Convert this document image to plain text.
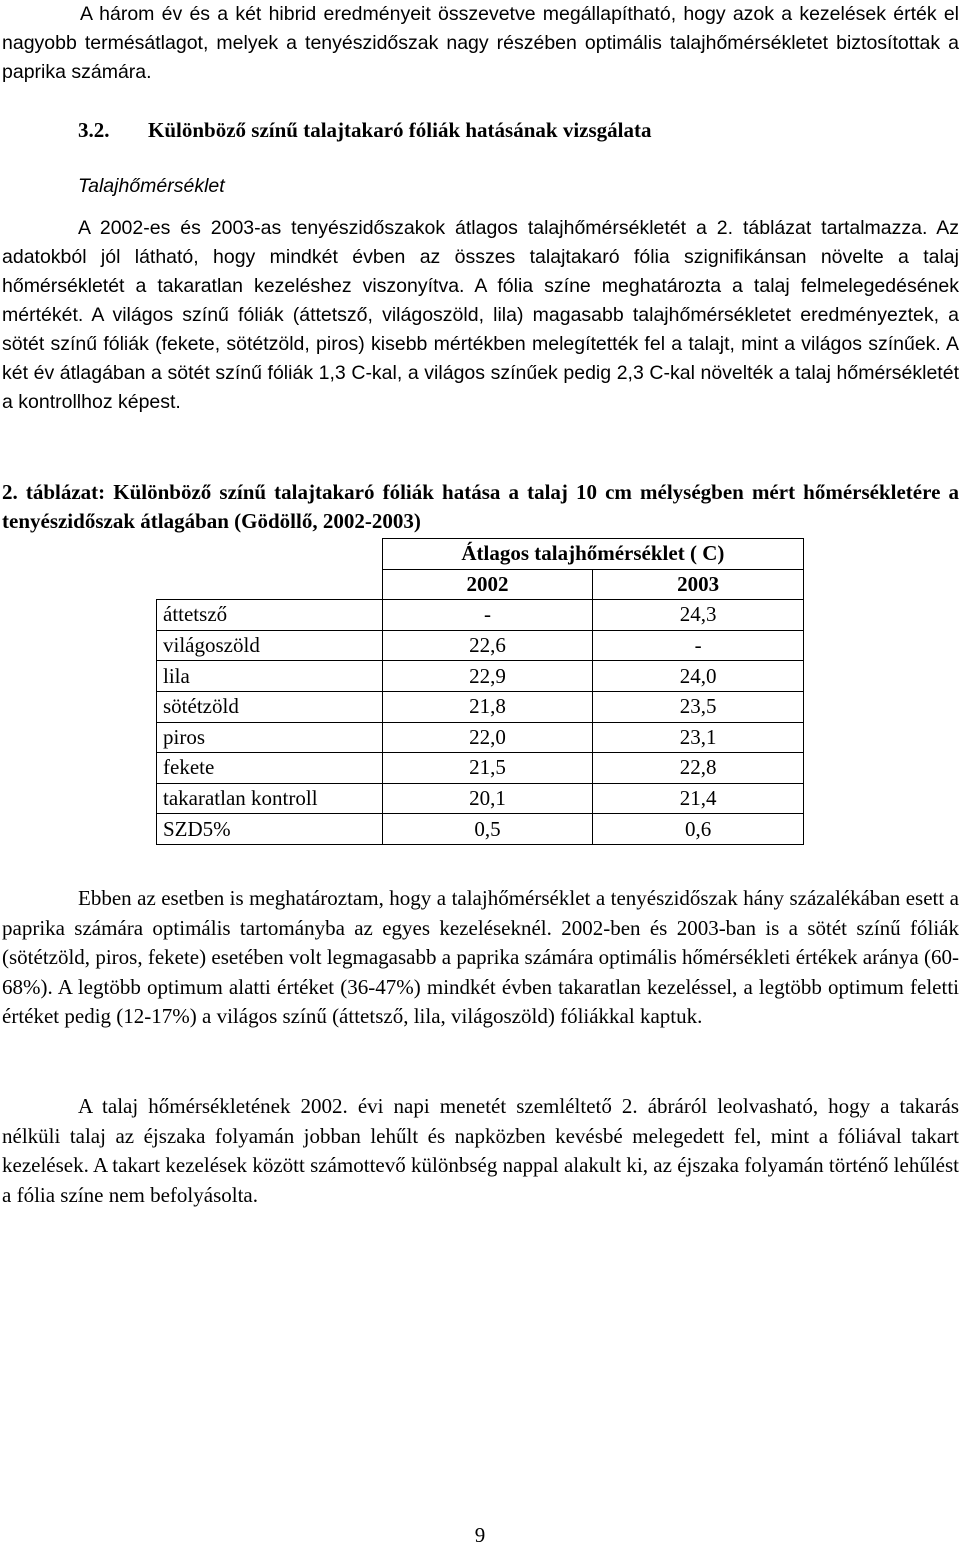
A három év és a két hibrid eredményeit összevetve megállapítható, hogy azok a kezelések érték el nagyobb termésátlagot, melyek a tenyészidőszak nagy részében optimális talajhőmérsékletet biztosítottak a paprika számára.

3.2. Különböző színű talajtakaró fóliák hatásának vizsgálata

Talajhőmérséklet

A 2002-es és 2003-as tenyészidőszakok átlagos talajhőmérsékletét a 2. táblázat tartalmazza. Az adatokból jól látható, hogy mindkét évben az összes talajtakaró fólia szignifikánsan növelte a talaj hőmérsékletét a takaratlan kezeléshez viszonyítva. A fólia színe meghatározta a talaj felmelegedésének mértékét. A világos színű fóliák (áttetsző, világoszöld, lila) magasabb talajhőmérsékletet eredményeztek, a sötét színű fóliák (fekete, sötétzöld, piros) kisebb mértékben melegítették fel a talajt, mint a világos színűek. A két év átlagában a sötét színű fóliák 1,3 C-kal, a világos színűek pedig 2,3 C-kal növelték a talaj hőmérsékletét a kontrollhoz képest.

2. táblázat: Különböző színű talajtakaró fóliák hatása a talaj 10 cm mélységben mért hőmérsékletére a tenyészidőszak átlagában (Gödöllő, 2002-2003)

	Átlagos talajhőmérséklet ( C)	
	2002	2003
áttetsző	-	24,3
világoszöld	22,6	-
lila	22,9	24,0
sötétzöld	21,8	23,5
piros	22,0	23,1
fekete	21,5	22,8
takaratlan kontroll	20,1	21,4
SZD5%	0,5	0,6

Ebben az esetben is meghatároztam, hogy a talajhőmérséklet a tenyészidőszak hány százalékában esett a paprika számára optimális tartományba az egyes kezeléseknél. 2002-ben és 2003-ban is a sötét színű fóliák (sötétzöld, piros, fekete) esetében volt legmagasabb a paprika számára optimális hőmérsékleti értékek aránya (60-68%). A legtöbb optimum alatti értéket (36-47%) mindkét évben takaratlan kezeléssel, a legtöbb optimum feletti értéket pedig (12-17%) a világos színű (áttetsző, lila, világoszöld) fóliákkal kaptuk.

A talaj hőmérsékletének 2002. évi napi menetét szemléltető 2. ábráról leolvasható, hogy a takarás nélküli talaj az éjszaka folyamán jobban lehűlt és napközben kevésbé melegedett fel, mint a fóliával takart kezelések. A takart kezelések között számottevő különbség nappal alakult ki, az éjszaka folyamán történő lehűlést a fólia színe nem befolyásolta.

9
